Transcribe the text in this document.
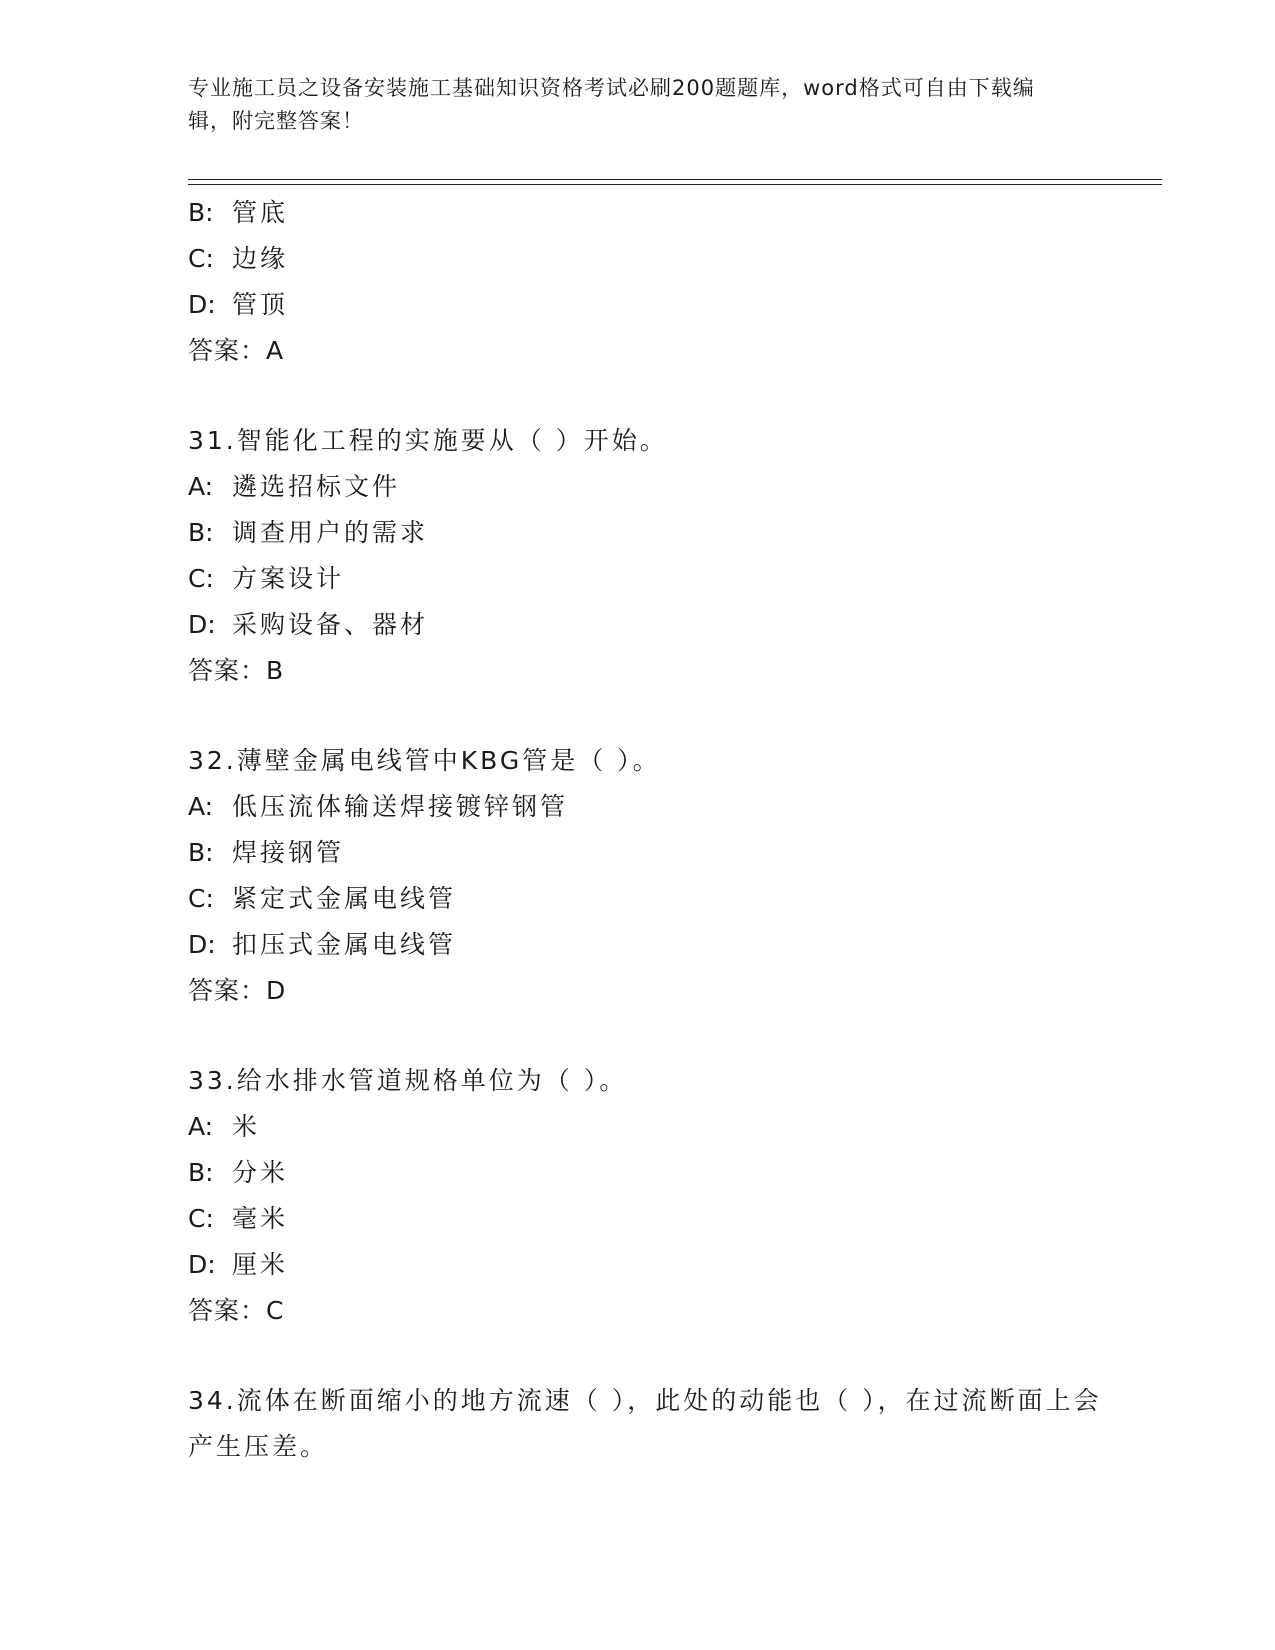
专业施工员之设备安装施工基础知识资格考试必刷200题题库，word格式可自由下载编辑，附完整答案！
B: 管底
C: 边缘
D: 管顶
答案：A
31.智能化工程的实施要从（ ）开始。
A: 遴选招标文件
B: 调查用户的需求
C: 方案设计
D: 采购设备、器材
答案：B
32.薄壁金属电线管中KBG管是（ ）。
A: 低压流体输送焊接镀锌钢管
B: 焊接钢管
C: 紧定式金属电线管
D: 扣压式金属电线管
答案：D
33.给水排水管道规格单位为（ ）。
A: 米
B: 分米
C: 毫米
D: 厘米
答案：C
34.流体在断面缩小的地方流速（ ），此处的动能也（ ），在过流断面上会产生压差。
